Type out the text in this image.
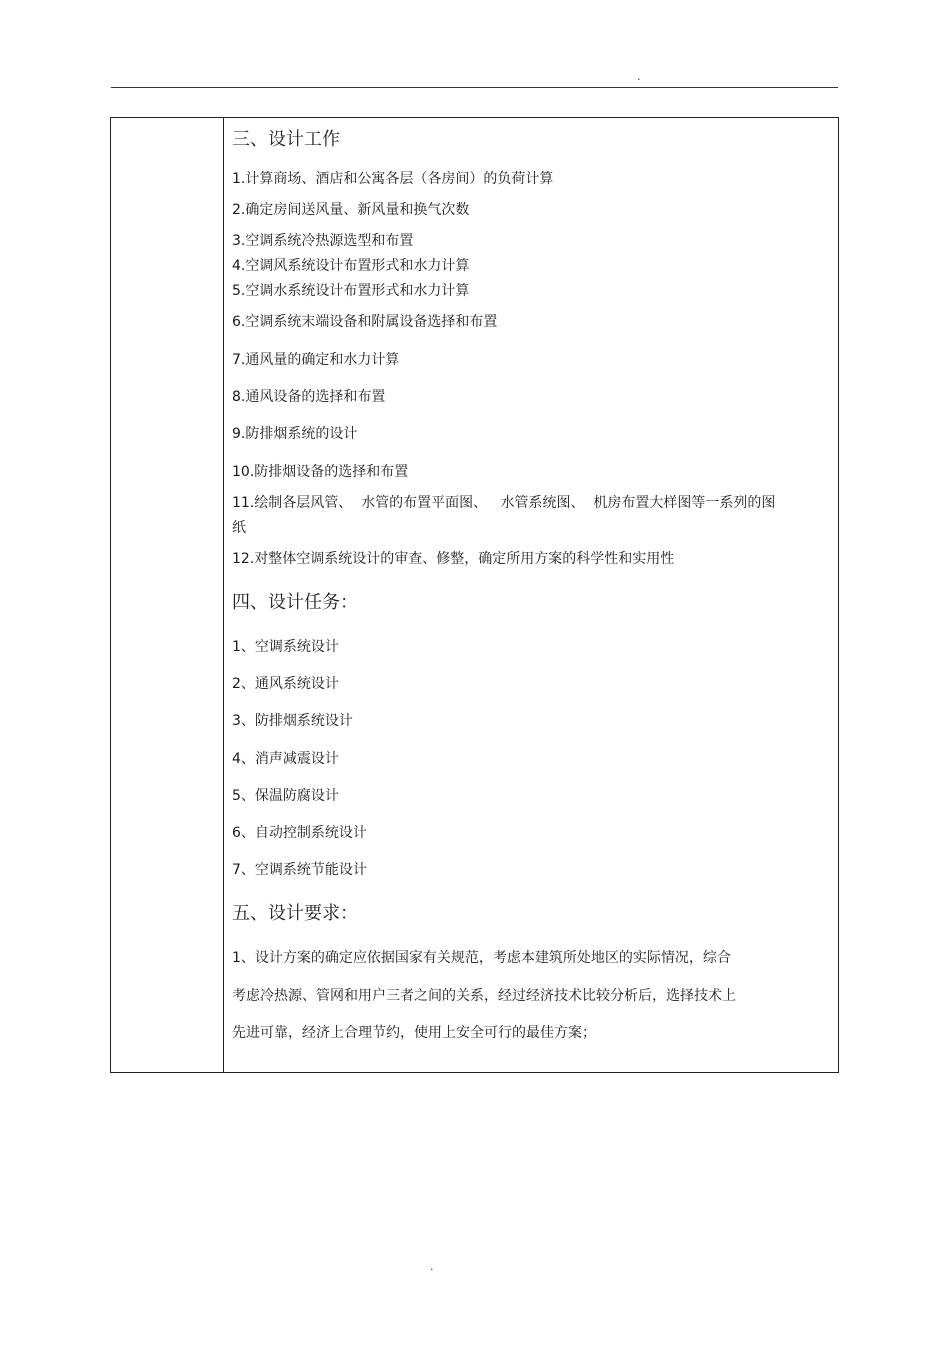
.
三、设计工作
1.计算商场、酒店和公寓各层（各房间）的负荷计算
2.确定房间送风量、新风量和换气次数
3.空调系统冷热源选型和布置
4.空调风系统设计布置形式和水力计算
5.空调水系统设计布置形式和水力计算
6.空调系统末端设备和附属设备选择和布置
7.通风量的确定和水力计算
8.通风设备的选择和布置
9.防排烟系统的设计
10.防排烟设备的选择和布置
11.绘制各层风管、  水管的布置平面图、   水管系统图、  机房布置大样图等一系列的图
纸
12.对整体空调系统设计的审查、修整，确定所用方案的科学性和实用性
四、设计任务：
1、空调系统设计
2、通风系统设计
3、防排烟系统设计
4、消声减震设计
5、保温防腐设计
6、自动控制系统设计
7、空调系统节能设计
五、设计要求：
1、设计方案的确定应依据国家有关规范，考虑本建筑所处地区的实际情况，综合
考虑冷热源、管网和用户三者之间的关系，经过经济技术比较分析后，选择技术上
先进可靠，经济上合理节约，使用上安全可行的最佳方案；
.
